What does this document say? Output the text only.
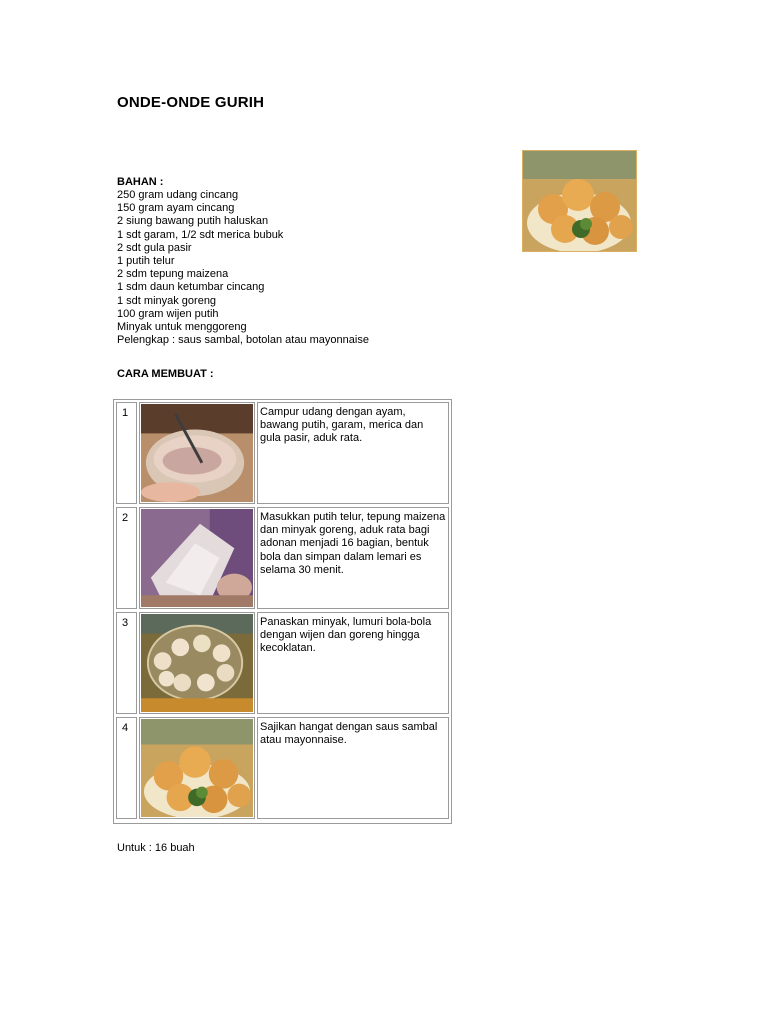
ONDE-ONDE GURIH
BAHAN :
250 gram udang cincang
150 gram ayam cincang
2 siung bawang putih haluskan
1 sdt garam, 1/2 sdt merica bubuk
2 sdt gula pasir
1 putih telur
2 sdm tepung maizena
1 sdm daun ketumbar cincang
1 sdt minyak goreng
100 gram wijen putih
Minyak untuk menggoreng
Pelengkap : saus sambal, botolan atau mayonnaise
CARA MEMBUAT :
1	Campur udang dengan ayam, bawang putih, garam, merica dan gula pasir, aduk rata.

2	Masukkan putih telur, tepung maizena dan minyak goreng, aduk rata bagi adonan menjadi 16 bagian, bentuk bola dan simpan dalam lemari es selama 30 menit.

3	Panaskan minyak, lumuri bola-bola dengan wijen dan goreng hingga kecoklatan.

4	Sajikan hangat dengan saus sambal atau mayonnaise.

Untuk : 16 buah
